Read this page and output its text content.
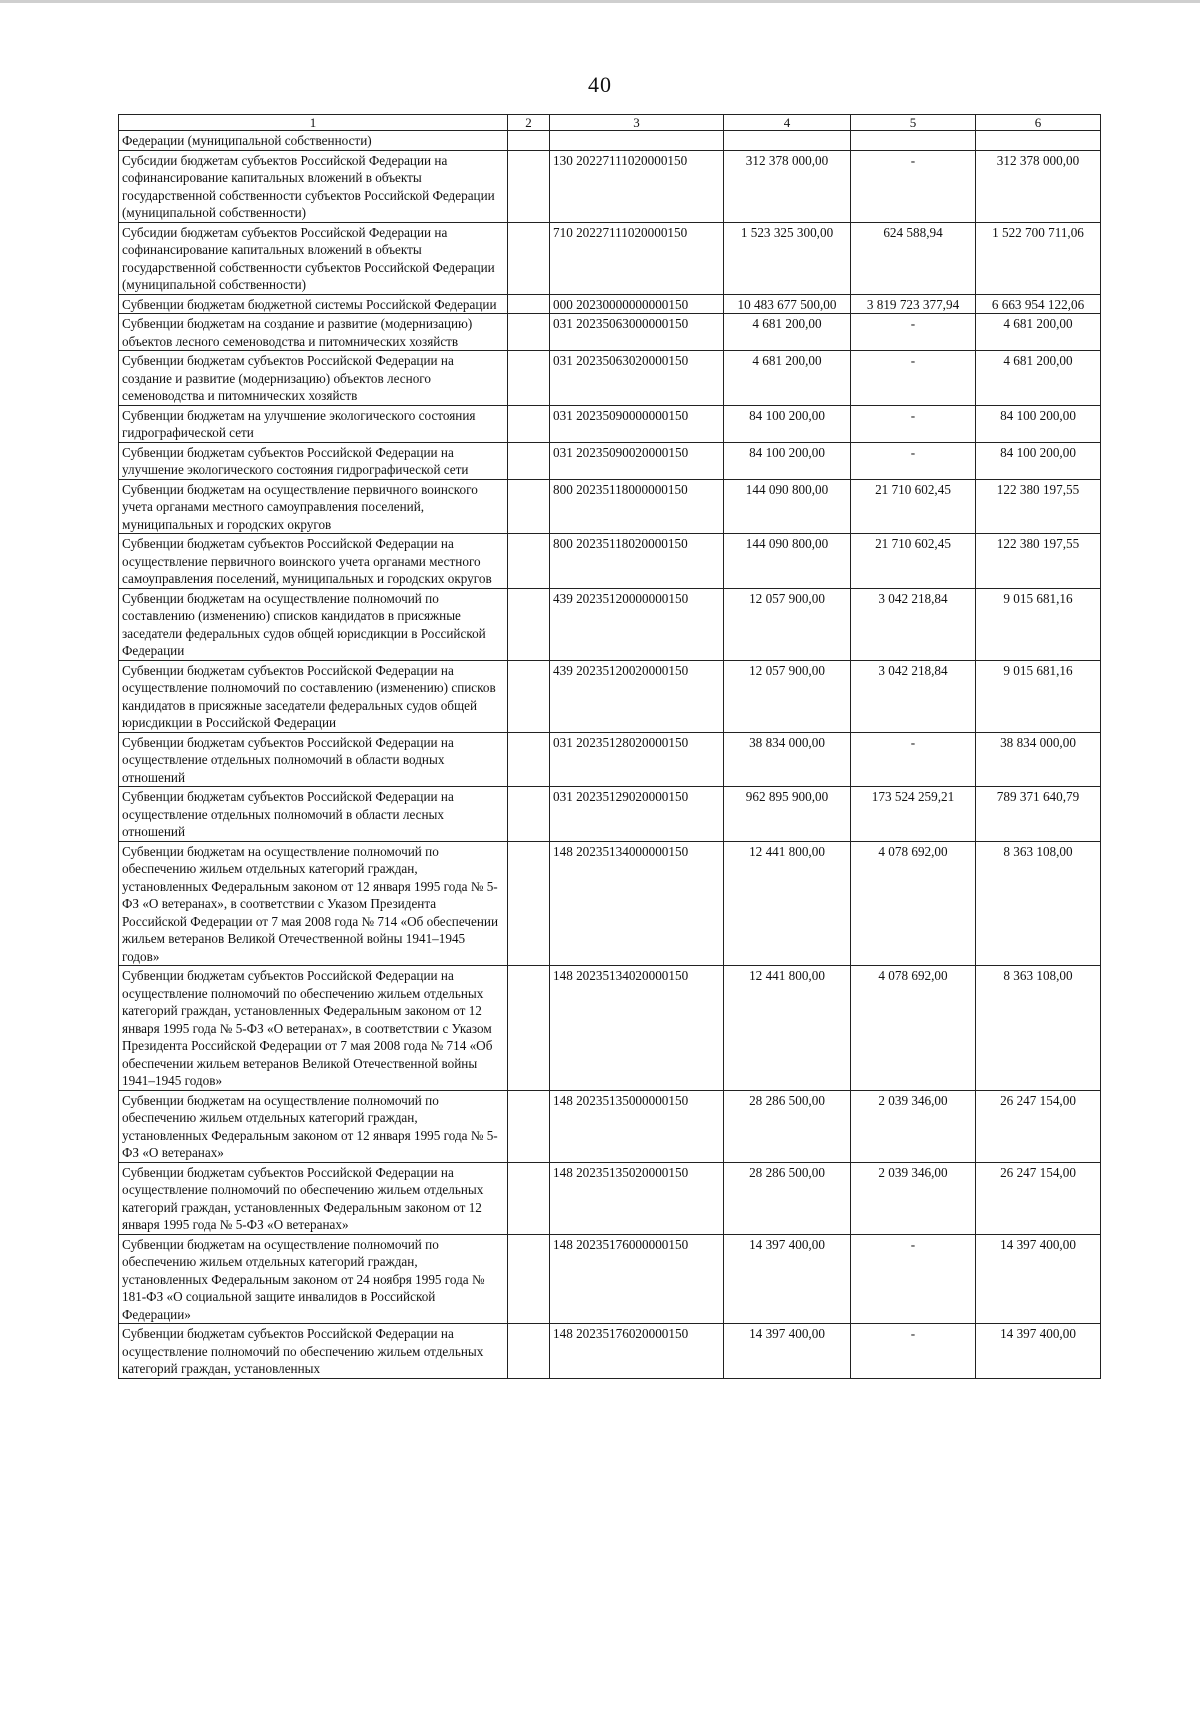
40
1	2	3	4	5	6
Федерации (муниципальной собственности)					
Субсидии бюджетам субъектов Российской Федерации на софинансирование капитальных вложений в объекты государственной собственности субъектов Российской Федерации (муниципальной собственности)		130 20227111020000150	312 378 000,00	-	312 378 000,00
Субсидии бюджетам субъектов Российской Федерации на софинансирование капитальных вложений в объекты государственной собственности субъектов Российской Федерации (муниципальной собственности)		710 20227111020000150	1 523 325 300,00	624 588,94	1 522 700 711,06
Субвенции бюджетам бюджетной системы Российской Федерации		000 20230000000000150	10 483 677 500,00	3 819 723 377,94	6 663 954 122,06
Субвенции бюджетам на создание и развитие (модернизацию) объектов лесного семеноводства и питомнических хозяйств		031 20235063000000150	4 681 200,00	-	4 681 200,00
Субвенции бюджетам субъектов Российской Федерации на создание и развитие (модернизацию) объектов лесного семеноводства и питомнических хозяйств		031 20235063020000150	4 681 200,00	-	4 681 200,00
Субвенции бюджетам на улучшение экологического состояния гидрографической сети		031 20235090000000150	84 100 200,00	-	84 100 200,00
Субвенции бюджетам субъектов Российской Федерации на улучшение экологического состояния гидрографической сети		031 20235090020000150	84 100 200,00	-	84 100 200,00
Субвенции бюджетам на осуществление первичного воинского учета органами местного самоуправления поселений, муниципальных и городских округов		800 20235118000000150	144 090 800,00	21 710 602,45	122 380 197,55
Субвенции бюджетам субъектов Российской Федерации на осуществление первичного воинского учета органами местного самоуправления поселений, муниципальных и городских округов		800 20235118020000150	144 090 800,00	21 710 602,45	122 380 197,55
Субвенции бюджетам на осуществление полномочий по составлению (изменению) списков кандидатов в присяжные заседатели федеральных судов общей юрисдикции в Российской Федерации		439 20235120000000150	12 057 900,00	3 042 218,84	9 015 681,16
Субвенции бюджетам субъектов Российской Федерации на осуществление полномочий по составлению (изменению) списков кандидатов в присяжные заседатели федеральных судов общей юрисдикции в Российской Федерации		439 20235120020000150	12 057 900,00	3 042 218,84	9 015 681,16
Субвенции бюджетам субъектов Российской Федерации на осуществление отдельных полномочий в области водных отношений		031 20235128020000150	38 834 000,00	-	38 834 000,00
Субвенции бюджетам субъектов Российской Федерации на осуществление отдельных полномочий в области лесных отношений		031 20235129020000150	962 895 900,00	173 524 259,21	789 371 640,79
Субвенции бюджетам на осуществление полномочий по обеспечению жильем отдельных категорий граждан, установленных Федеральным законом от 12 января 1995 года № 5-ФЗ «О ветеранах», в соответствии с Указом Президента Российской Федерации от 7 мая 2008 года № 714 «Об обеспечении жильем ветеранов Великой Отечественной войны 1941–1945 годов»		148 20235134000000150	12 441 800,00	4 078 692,00	8 363 108,00
Субвенции бюджетам субъектов Российской Федерации на осуществление полномочий по обеспечению жильем отдельных категорий граждан, установленных Федеральным законом от 12 января 1995 года № 5-ФЗ «О ветеранах», в соответствии с Указом Президента Российской Федерации от 7 мая 2008 года № 714 «Об обеспечении жильем ветеранов Великой Отечественной войны 1941–1945 годов»		148 20235134020000150	12 441 800,00	4 078 692,00	8 363 108,00
Субвенции бюджетам на осуществление полномочий по обеспечению жильем отдельных категорий граждан, установленных Федеральным законом от 12 января 1995 года № 5-ФЗ «О ветеранах»		148 20235135000000150	28 286 500,00	2 039 346,00	26 247 154,00
Субвенции бюджетам субъектов Российской Федерации на осуществление полномочий по обеспечению жильем отдельных категорий граждан, установленных Федеральным законом от 12 января 1995 года № 5-ФЗ «О ветеранах»		148 20235135020000150	28 286 500,00	2 039 346,00	26 247 154,00
Субвенции бюджетам на осуществление полномочий по обеспечению жильем отдельных категорий граждан, установленных Федеральным законом от 24 ноября 1995 года № 181-ФЗ «О социальной защите инвалидов в Российской Федерации»		148 20235176000000150	14 397 400,00	-	14 397 400,00
Субвенции бюджетам субъектов Российской Федерации на осуществление полномочий по обеспечению жильем отдельных категорий граждан, установленных		148 20235176020000150	14 397 400,00	-	14 397 400,00
